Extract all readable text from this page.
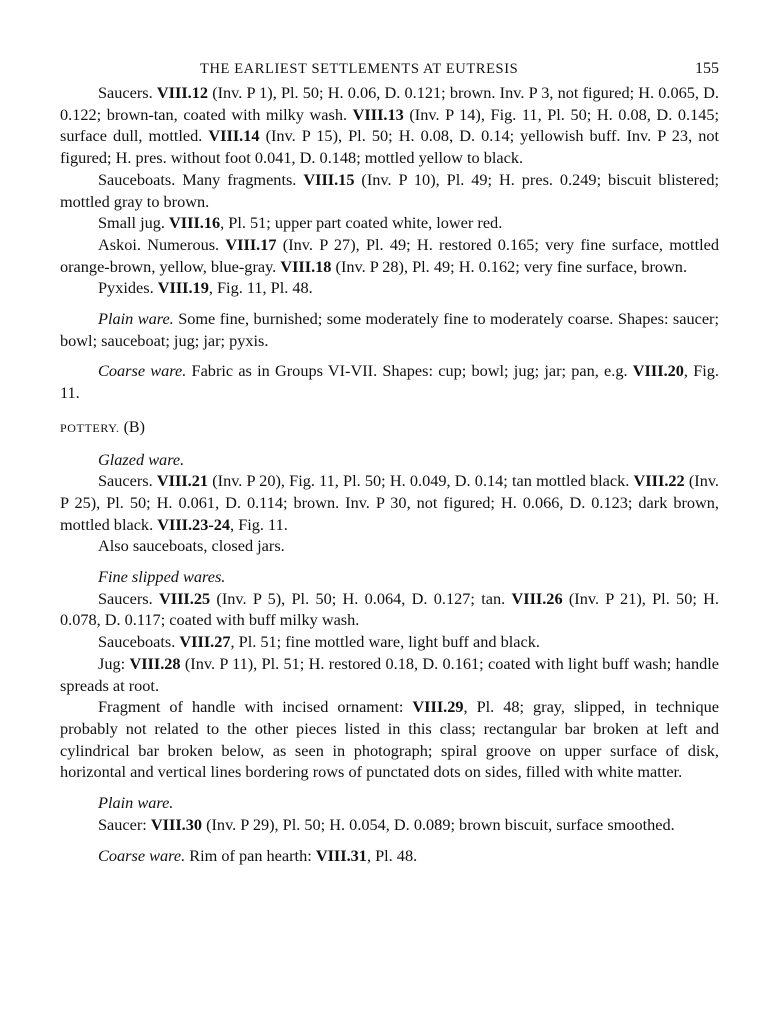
THE EARLIEST SETTLEMENTS AT EUTRESIS	155

Saucers. VIII.12 (Inv. P 1), Pl. 50; H. 0.06, D. 0.121; brown. Inv. P 3, not figured; H. 0.065, D. 0.122; brown-tan, coated with milky wash. VIII.13 (Inv. P 14), Fig. 11, Pl. 50; H. 0.08, D. 0.145; surface dull, mottled. VIII.14 (Inv. P 15), Pl. 50; H. 0.08, D. 0.14; yellowish buff. Inv. P 23, not figured; H. pres. without foot 0.041, D. 0.148; mottled yellow to black.

Sauceboats. Many fragments. VIII.15 (Inv. P 10), Pl. 49; H. pres. 0.249; biscuit blistered; mottled gray to brown.

Small jug. VIII.16, Pl. 51; upper part coated white, lower red.

Askoi. Numerous. VIII.17 (Inv. P 27), Pl. 49; H. restored 0.165; very fine surface, mottled orange-brown, yellow, blue-gray. VIII.18 (Inv. P 28), Pl. 49; H. 0.162; very fine surface, brown.

Pyxides. VIII.19, Fig. 11, Pl. 48.

Plain ware. Some fine, burnished; some moderately fine to moderately coarse. Shapes: saucer; bowl; sauceboat; jug; jar; pyxis.

Coarse ware. Fabric as in Groups VI-VII. Shapes: cup; bowl; jug; jar; pan, e.g. VIII.20, Fig. 11.

POTTERY. (B)

Glazed ware.

Saucers. VIII.21 (Inv. P 20), Fig. 11, Pl. 50; H. 0.049, D. 0.14; tan mottled black. VIII.22 (Inv. P 25), Pl. 50; H. 0.061, D. 0.114; brown. Inv. P 30, not figured; H. 0.066, D. 0.123; dark brown, mottled black. VIII.23-24, Fig. 11.

Also sauceboats, closed jars.

Fine slipped wares.

Saucers. VIII.25 (Inv. P 5), Pl. 50; H. 0.064, D. 0.127; tan. VIII.26 (Inv. P 21), Pl. 50; H. 0.078, D. 0.117; coated with buff milky wash.

Sauceboats. VIII.27, Pl. 51; fine mottled ware, light buff and black.

Jug: VIII.28 (Inv. P 11), Pl. 51; H. restored 0.18, D. 0.161; coated with light buff wash; handle spreads at root.

Fragment of handle with incised ornament: VIII.29, Pl. 48; gray, slipped, in technique probably not related to the other pieces listed in this class; rectangular bar broken at left and cylindrical bar broken below, as seen in photograph; spiral groove on upper surface of disk, horizontal and vertical lines bordering rows of punctated dots on sides, filled with white matter.

Plain ware.

Saucer: VIII.30 (Inv. P 29), Pl. 50; H. 0.054, D. 0.089; brown biscuit, surface smoothed.

Coarse ware. Rim of pan hearth: VIII.31, Pl. 48.
